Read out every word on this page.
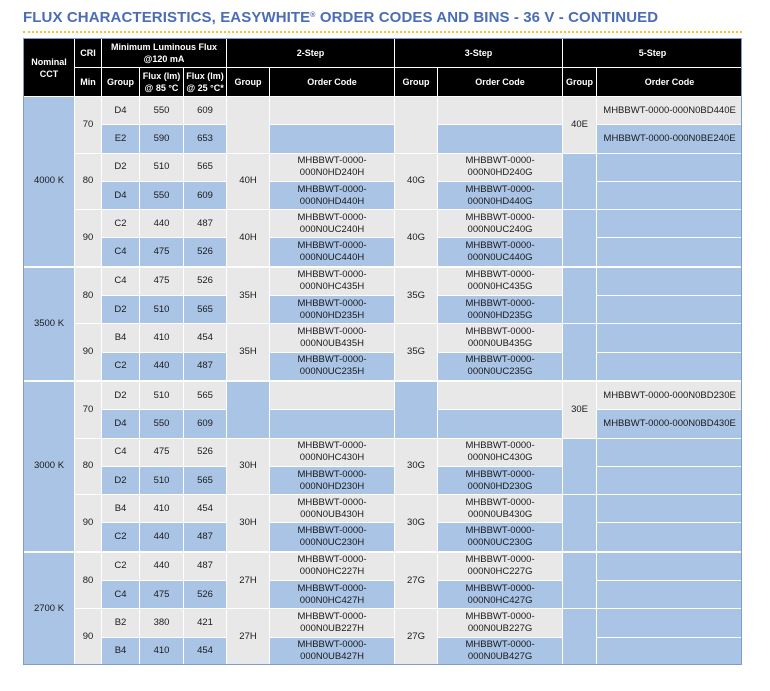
FLUX CHARACTERISTICS, EASYWHITE® ORDER CODES AND BINS - 36 V - CONTINUED
Nominal CCT	CRI	Minimum Luminous Flux @120 mA			2-Step		3-Step		5-Step	
	Min	Group	Flux (lm) @ 85 °C	Flux (lm) @ 25 °C*	Group	Order Code	Group	Order Code	Group	Order Code
4000 K	70	D4	550	609					40E	MHBBWT-0000-000N0BD440E
		E2	590	653						MHBBWT-0000-000N0BE240E
	80	D2	510	565	40H	MHBBWT-0000-000N0HD240H	40G	MHBBWT-0000-000N0HD240G		
		D4	550	609		MHBBWT-0000-000N0HD440H		MHBBWT-0000-000N0HD440G		
	90	C2	440	487	40H	MHBBWT-0000-000N0UC240H	40G	MHBBWT-0000-000N0UC240G		
		C4	475	526		MHBBWT-0000-000N0UC440H		MHBBWT-0000-000N0UC440G		
3500 K	80	C4	475	526	35H	MHBBWT-0000-000N0HC435H	35G	MHBBWT-0000-000N0HC435G		
		D2	510	565		MHBBWT-0000-000N0HD235H		MHBBWT-0000-000N0HD235G		
	90	B4	410	454	35H	MHBBWT-0000-000N0UB435H	35G	MHBBWT-0000-000N0UB435G		
		C2	440	487		MHBBWT-0000-000N0UC235H		MHBBWT-0000-000N0UC235G		
3000 K	70	D2	510	565					30E	MHBBWT-0000-000N0BD230E
		D4	550	609						MHBBWT-0000-000N0BD430E
	80	C4	475	526	30H	MHBBWT-0000-000N0HC430H	30G	MHBBWT-0000-000N0HC430G		
		D2	510	565		MHBBWT-0000-000N0HD230H		MHBBWT-0000-000N0HD230G		
	90	B4	410	454	30H	MHBBWT-0000-000N0UB430H	30G	MHBBWT-0000-000N0UB430G		
		C2	440	487		MHBBWT-0000-000N0UC230H		MHBBWT-0000-000N0UC230G		
2700 K	80	C2	440	487	27H	MHBBWT-0000-000N0HC227H	27G	MHBBWT-0000-000N0HC227G		
		C4	475	526		MHBBWT-0000-000N0HC427H		MHBBWT-0000-000N0HC427G		
	90	B2	380	421	27H	MHBBWT-0000-000N0UB227H	27G	MHBBWT-0000-000N0UB227G		
		B4	410	454		MHBBWT-0000-000N0UB427H		MHBBWT-0000-000N0UB427G		
